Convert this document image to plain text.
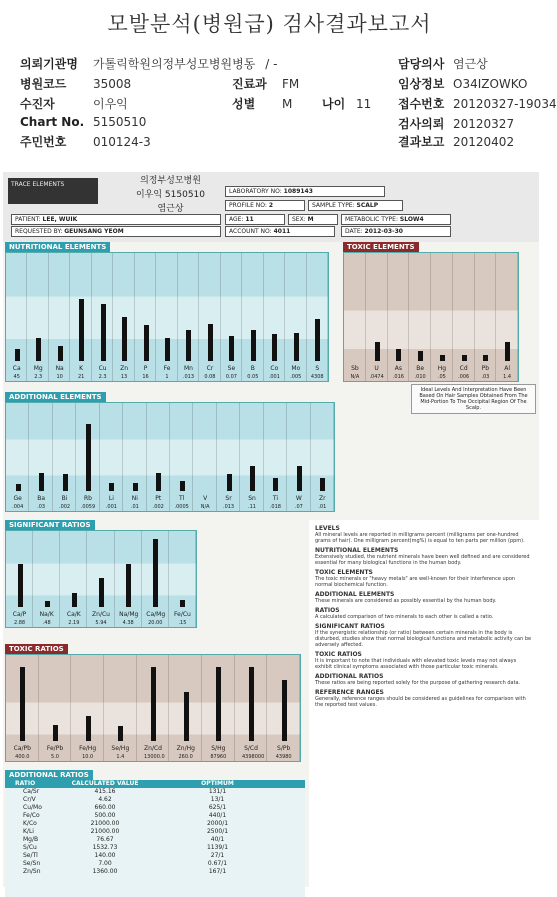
모발분석(병원급) 검사결과보고서
의뢰기관명 가톨릭학원의정부성모병원병동 / -	담당의사 염근상
병원코드 35008	진료과 FM	임상정보 O34IZOWKO
수진자	이우익	성별 M 나이 11 접수번호 20120327-19034
Chart No. 5150510	검사의뢰 20120327
주민번호 010124-3	결과보고 20120402
TRACE ELEMENTS	의정부성모병원
이우익 5150510
염근상
LABORATORY NO: 1089143
PROFILE NO: 2	SAMPLE TYPE: SCALP
PATIENT: LEE, WUIK	AGE: 11	SEX: M	METABOLIC TYPE: SLOW4
REQUESTED BY: GEUNSANG YEOM	ACCOUNT NO: 4011	DATE: 2012-03-30
NUTRITIONAL ELEMENTS
Ca
45
Mg
2.3
Na
10
K
21
Cu
2.3
Zn
13
P
16
Fe
1
Mn
.013
Cr
0.08
Se
0.07
B
0.05
Co
.001
Mo
.005
S
4308
TOXIC ELEMENTS
Sb
N/A
U
.0474
As
.016
Be
.010
Hg
.05
Cd
.006
Pb
.03
Al
1.4
ADDITIONAL ELEMENTS
Ge
.004
Ba
.03
Bi
.002
Rb
.0059
Li
.001
Ni
.01
Pt
.002
Tl
.0005
V
N/A
Sr
.013
Sn
.11
Ti
.018
W
.07
Zr
.01
Ideal Levels And Interpretation Have Been Based On Hair Samples Obtained From The Mid-Portion To The Occipital Region Of The Scalp.
SIGNIFICANT RATIOS
Ca/P
2.88
Na/K
.48
Ca/K
2.19
Zn/Cu
5.94
Na/Mg
4.38
Ca/Mg
20.00
Fe/Cu
.15
TOXIC RATIOS
Ca/Pb
400.0
Fe/Pb
5.0
Fe/Hg
10.0
Se/Hg
1.4
Zn/Cd
13000.0
Zn/Hg
260.0
S/Hg
87960
S/Cd
4398000
S/Pb
43980
LEVELS

All mineral levels are reported in milligrams percent (milligrams per one-hundred grams of hair). One milligram percent(mg%) is equal to ten parts per million (ppm).

NUTRITIONAL ELEMENTS

Extensively studied, the nutrient minerals have been well defined and are considered essential for many biological functions in the human body.

TOXIC ELEMENTS

The toxic minerals or "heavy metals" are well-known for their interference upon normal biochemical function.

ADDITIONAL ELEMENTS

These minerals are considered as possibly essential by the human body.

RATIOS

A calculated comparison of two minerals to each other is called a ratio.

SIGNIFICANT RATIOS

If the synergistic relationship (or ratio) between certain minerals in the body is disturbed, studies show that normal biological functions and metabolic activity can be adversely affected.

TOXIC RATIOS

It is important to note that individuals with elevated toxic levels may not always exhibit clinical symptoms associated with those particular toxic minerals.

ADDITIONAL RATIOS

These ratios are being reported solely for the purpose of gathering research data.

REFERENCE RANGES

Generally, reference ranges should be considered as guidelines for comparison with the reported test values.

ADDITIONAL RATIOS
RATIO	CALCULATED VALUE	OPTIMUM
Ca/Sr	415.16	131/1
Cr/V	4.62	13/1
Cu/Mo	660.00	625/1
Fe/Co	500.00	440/1
K/Co	21000.00	2000/1
K/Li	21000.00	2500/1
Mg/B	76.67	40/1
S/Cu	1532.73	1139/1
Se/Tl	140.00	27/1
Se/Sn	7.00	0.67/1
Zn/Sn	1360.00	167/1
